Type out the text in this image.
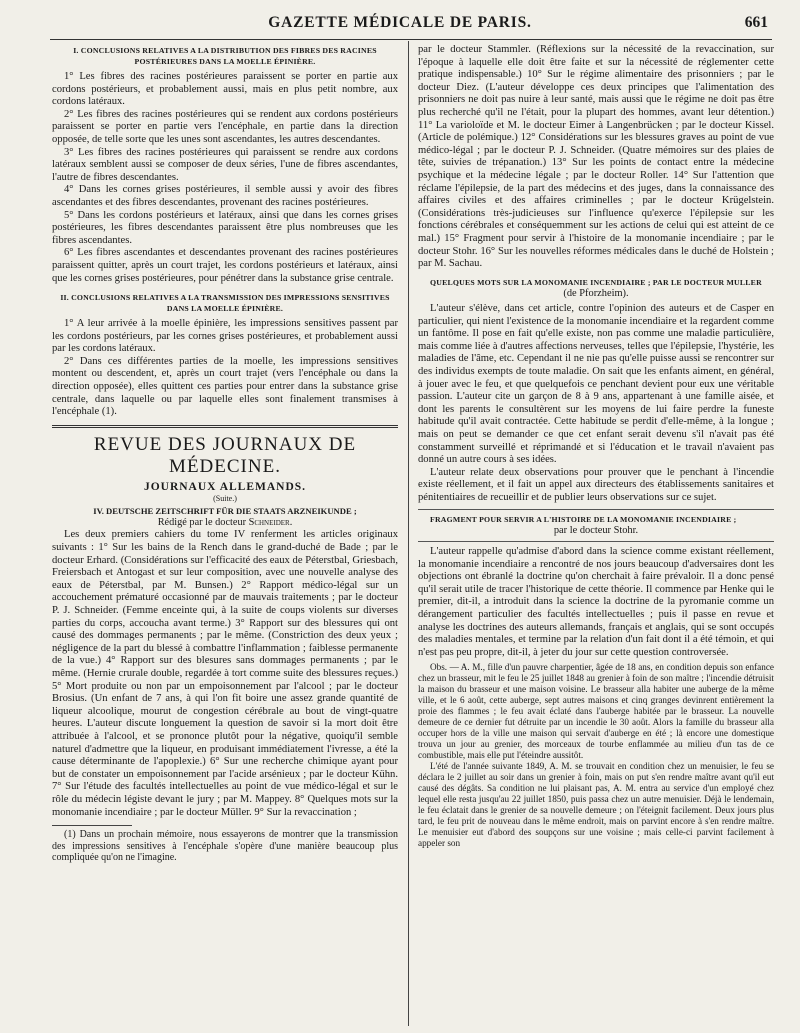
GAZETTE MÉDICALE DE PARIS.	661

I. CONCLUSIONS RELATIVES A LA DISTRIBUTION DES FIBRES DES RACINES POSTÉRIEURES DANS LA MOELLE ÉPINIÈRE.

1° Les fibres des racines postérieures paraissent se porter en partie aux cordons postérieurs, et probablement aussi, mais en plus petit nombre, aux cordons latéraux.

2° Les fibres des racines postérieures qui se rendent aux cordons postérieurs paraissent se porter en partie vers l'encéphale, en partie dans la direction opposée, de telle sorte que les unes sont ascendantes, les autres descendantes.

3° Les fibres des racines postérieures qui paraissent se rendre aux cordons latéraux semblent aussi se composer de deux séries, l'une de fibres ascendantes, l'autre de fibres descendantes.

4° Dans les cornes grises postérieures, il semble aussi y avoir des fibres ascendantes et des fibres descendantes, provenant des racines postérieures.

5° Dans les cordons postérieurs et latéraux, ainsi que dans les cornes grises postérieures, les fibres descendantes paraissent être plus nombreuses que les fibres ascendantes.

6° Les fibres ascendantes et descendantes provenant des racines postérieures paraissent quitter, après un court trajet, les cordons postérieurs et latéraux, ainsi que les cornes grises postérieures, pour pénétrer dans la substance grise centrale.

II. CONCLUSIONS RELATIVES A LA TRANSMISSION DES IMPRESSIONS SENSITIVES DANS LA MOELLE ÉPINIÈRE.

1° A leur arrivée à la moelle épinière, les impressions sensitives passent par les cordons postérieurs, par les cornes grises postérieures, et probablement aussi par les cordons latéraux.

2° Dans ces différentes parties de la moelle, les impressions sensitives montent ou descendent, et, après un court trajet (vers l'encéphale ou dans la direction opposée), elles quittent ces parties pour entrer dans la substance grise centrale, dans laquelle ou par laquelle elles sont finalement transmises à l'encéphale (1).

REVUE DES JOURNAUX DE MÉDECINE.

JOURNAUX ALLEMANDS.

(Suite.)

IV. DEUTSCHE ZEITSCHRIFT FÜR DIE STAATS ARZNEIKUNDE ;

Rédigé par le docteur Schneider.

Les deux premiers cahiers du tome IV renferment les articles originaux suivants : 1° Sur les bains de la Rench dans le grand-duché de Bade ; par le docteur Erhard. (Considérations sur l'efficacité des eaux de Péterstbal, Griesbach, Freiersbach et Antogast et sur leur composition, avec une nouvelle analyse des eaux de Péterstbal, par M. Bunsen.) 2° Rapport médico-légal sur un accouchement prématuré occasionné par de mauvais traitements ; par le docteur P. J. Schneider. (Femme enceinte qui, à la suite de coups violents sur diverses parties du corps, accoucha avant terme.) 3° Rapport sur des blessures qui ont causé des dommages permanents ; par le même. (Constriction des deux yeux ; négligence de la part du blessé à combattre l'inflammation ; faiblesse permanente de la vue.) 4° Rapport sur des blesures sans dommages permanents ; par le même. (Hernie crurale double, regardée à tort comme suite des blessures reçues.) 5° Mort produite ou non par un empoisonnement par l'alcool ; par le docteur Brosius. (Un enfant de 7 ans, à qui l'on fit boire une assez grande quantité de liqueur alcoolique, mourut de congestion cérébrale au bout de vingt-quatre heures. L'auteur discute longuement la question de savoir si la mort doit être attribuée à l'alcool, et se prononce plutôt pour la négative, quoiqu'il semble naturel d'admettre que la liqueur, en produisant immédiatement l'ivresse, a été la cause déterminante de l'apoplexie.) 6° Sur une recherche chimique ayant pour but de constater un empoisonnement par l'acide arsénieux ; par le docteur Kühn. 7° Sur l'étude des facultés intellectuelles au point de vue médico-légal et sur le rôle du médecin légiste devant le jury ; par M. Mappey. 8° Quelques mots sur la monomanie incendiaire ; par le docteur Müller. 9° Sur la revaccination ;

(1) Dans un prochain mémoire, nous essayerons de montrer que la transmission des impressions sensitives à l'encéphale s'opère d'une manière beaucoup plus compliquée qu'on ne l'imagine.

par le docteur Stammler. (Réflexions sur la nécessité de la revaccination, sur l'époque à laquelle elle doit être faite et sur la nécessité de réglementer cette pratique indispensable.) 10° Sur le régime alimentaire des prisonniers ; par le docteur Diez. (L'auteur développe ces deux principes que l'alimentation des prisonniers ne doit pas nuire à leur santé, mais aussi que le régime ne doit pas être plus recherché qu'il ne l'était, pour la plupart des hommes, avant leur détention.) 11° La varioloïde et M. le docteur Eimer à Langenbrücken ; par le docteur Kissel. (Article de polémique.) 12° Considérations sur les blessures graves au point de vue médico-légal ; par le docteur P. J. Schneider. (Quatre mémoires sur des plaies de tête, suivies de trépanation.) 13° Sur les points de contact entre la médecine psychique et la médecine légale ; par le docteur Roller. 14° Sur l'attention que réclame l'épilepsie, de la part des médecins et des juges, dans la connaissance des affaires civiles et des affaires criminelles ; par le docteur Krügelstein. (Considérations très-judicieuses sur l'influence qu'exerce l'épilepsie sur les fonctions cérébrales et conséquemment sur les actions de celui qui est atteint de ce mal.) 15° Fragment pour servir à l'histoire de la monomanie incendiaire ; par le docteur Stohr. 16° Sur les nouvelles réformes médicales dans le duché de Holstein ; par M. Sachau.

QUELQUES MOTS SUR LA MONOMANIE INCENDIAIRE ; PAR LE DOCTEUR MULLER

(de Pforzheim).

L'auteur s'élève, dans cet article, contre l'opinion des auteurs et de Casper en particulier, qui nient l'existence de la monomanie incendiaire et la regardent comme un fantôme. Il pose en fait qu'elle existe, non pas comme une maladie particulière, mais comme liée à d'autres affections nerveuses, telles que l'épilepsie, l'hystérie, les maladies de l'âme, etc. Cependant il ne nie pas qu'elle puisse aussi se rencontrer sur des individus exempts de toute maladie. On sait que les enfants aiment, en général, à jouer avec le feu, et que quelquefois ce penchant devient pour eux une véritable passion. L'auteur cite un garçon de 8 à 9 ans, appartenant à une famille aisée, et dont les parents le consultèrent sur les moyens de lui faire perdre la funeste habitude qu'il avait contractée. Cette habitude se perdit d'elle-même, à la longue ; mais on peut se demander ce que cet enfant serait devenu s'il n'avait pas été constamment surveillé et réprimandé et si l'éducation et le travail n'avaient pas donné un autre cours à ses idées.

L'auteur relate deux observations pour prouver que le penchant à l'incendie existe réellement, et il fait un appel aux directeurs des établissements sanitaires et pénitentiaires de recueillir et de publier leurs observations sur ce sujet.

FRAGMENT POUR SERVIR A L'HISTOIRE DE LA MONOMANIE INCENDIAIRE ;

par le docteur Stohr.

L'auteur rappelle qu'admise d'abord dans la science comme existant réellement, la monomanie incendiaire a rencontré de nos jours beaucoup d'adversaires dont les objections ont ébranlé la doctrine qu'on cherchait à faire prévaloir. Il a donc pensé qu'il serait utile de tracer l'historique de cette théorie. Il commence par Henke qui le premier, dit-il, a introduit dans la science la doctrine de la pyromanie comme un dérangement particulier des facultés intellectuelles ; puis il passe en revue et analyse les doctrines des auteurs allemands, français et anglais, qui se sont occupés des maladies mentales, et termine par la relation d'un fait dont il a été témoin, et qui n'est pas peu propre, dit-il, à jeter du jour sur cette question controversée.

Obs. — A. M., fille d'un pauvre charpentier, âgée de 18 ans, en condition depuis son enfance chez un brasseur, mit le feu le 25 juillet 1848 au grenier à foin de son maître ; l'incendie détruisit la maison du brasseur et une maison voisine. Le brasseur alla habiter une auberge de la même ville, et le 6 août, cette auberge, sept autres maisons et cinq granges devinrent entièrement la proie des flammes ; le feu avait éclaté dans l'auberge habitée par le brasseur. La nouvelle demeure de ce dernier fut détruite par un incendie le 30 août. Alors la famille du brasseur alla occuper hors de la ville une maison qui servait d'auberge en été ; là encore une domestique trouva un jour au grenier, des morceaux de tourbe enflammée au milieu d'un tas de ce combustible, mais elle put l'éteindre aussitôt.

L'été de l'année suivante 1849, A. M. se trouvait en condition chez un menuisier, le feu se déclara le 2 juillet au soir dans un grenier à foin, mais on put s'en rendre maître avant qu'il eut causé des dégâts. Sa condition ne lui plaisant pas, A. M. entra au service d'un employé chez lequel elle resta jusqu'au 22 juillet 1850, puis passa chez un autre menuisier. Déjà le lendemain, le feu éclatait dans le grenier de sa nouvelle demeure ; on l'éteignit facilement. Deux jours plus tard, le feu prit de nouveau dans le même endroit, mais on parvint encore à s'en rendre maître. Le menuisier eut d'abord des soupçons sur une voisine ; mais celle-ci parvint facilement à appeler son
